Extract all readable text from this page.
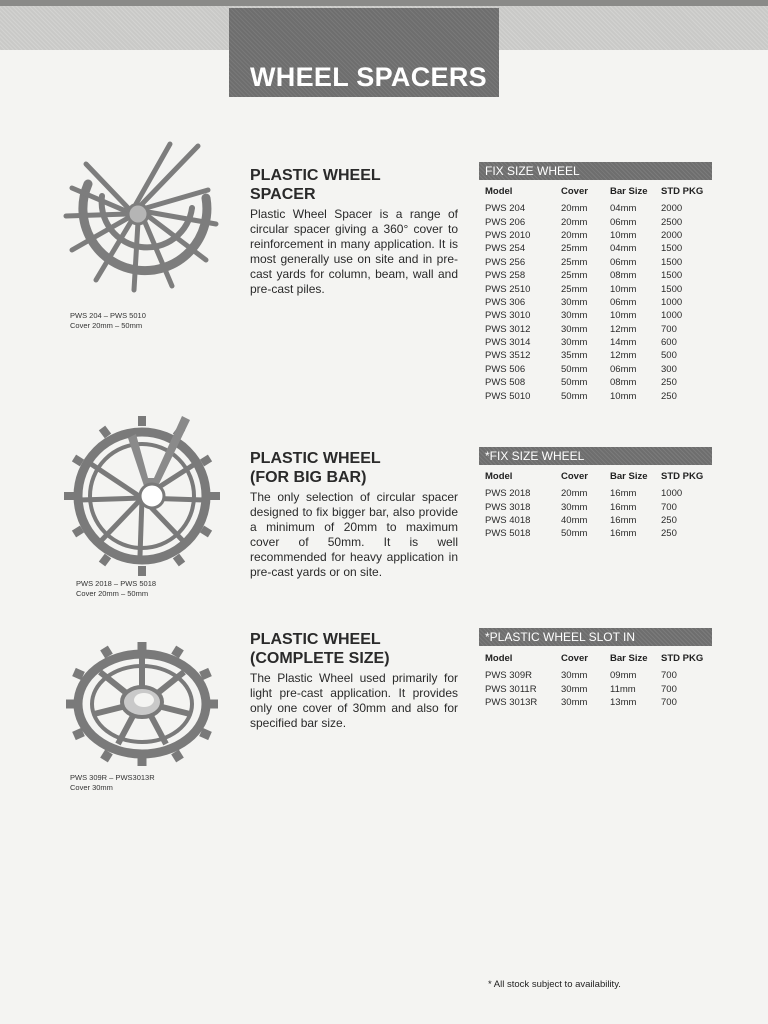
WHEEL SPACERS
PWS 204 – PWS 5010
Cover 20mm – 50mm
PLASTIC WHEEL
SPACER
Plastic Wheel Spacer is a range of circular spacer giving a 360° cover to reinforcement in many application. It is most generally use on site and in pre-cast yards for column, beam, wall and pre-cast piles.
FIX SIZE WHEEL
Model	Cover	Bar Size	STD PKG
PWS 204	20mm	04mm	2000
PWS 206	20mm	06mm	2500
PWS 2010	20mm	10mm	2000
PWS 254	25mm	04mm	1500
PWS 256	25mm	06mm	1500
PWS 258	25mm	08mm	1500
PWS 2510	25mm	10mm	1500
PWS 306	30mm	06mm	1000
PWS 3010	30mm	10mm	1000
PWS 3012	30mm	12mm	700
PWS 3014	30mm	14mm	600
PWS 3512	35mm	12mm	500
PWS 506	50mm	06mm	300
PWS 508	50mm	08mm	250
PWS 5010	50mm	10mm	250
PWS 2018 – PWS 5018
Cover 20mm – 50mm
PLASTIC WHEEL
(FOR BIG BAR)
The only selection of circular spacer designed to fix bigger bar, also provide a minimum of 20mm to maximum cover of 50mm. It is well recommended for heavy application in pre-cast yards or on site.
*FIX SIZE WHEEL
Model	Cover	Bar Size	STD PKG
PWS 2018	20mm	16mm	1000
PWS 3018	30mm	16mm	700
PWS 4018	40mm	16mm	250
PWS 5018	50mm	16mm	250
PWS 309R – PWS3013R
Cover 30mm
PLASTIC WHEEL
(COMPLETE SIZE)
The Plastic Wheel used primarily for light pre-cast application. It provides only one cover of 30mm and also for specified bar size.
*PLASTIC WHEEL SLOT IN
Model	Cover	Bar Size	STD PKG
PWS 309R	30mm	09mm	700
PWS 3011R	30mm	11mm	700
PWS 3013R	30mm	13mm	700
* All stock subject to availability.
